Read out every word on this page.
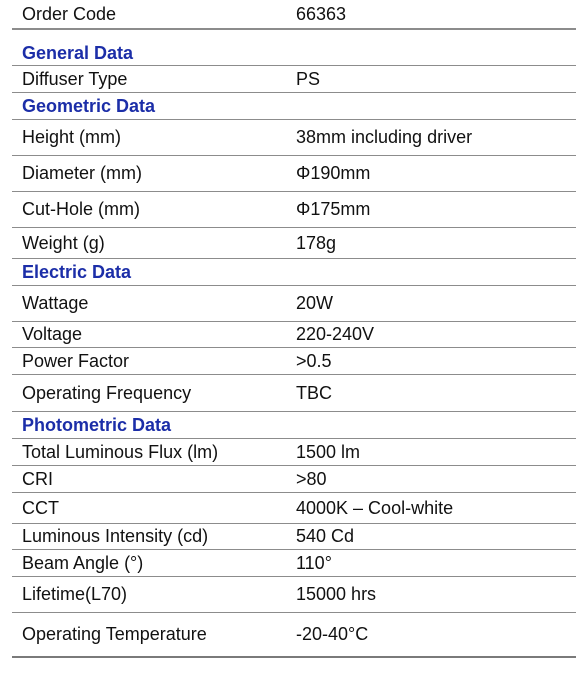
Order Code	66363
General Data
Diffuser Type	PS
Geometric Data
Height (mm)	38mm including driver
Diameter (mm)	Φ190mm
Cut-Hole (mm)	Φ175mm
Weight (g)	178g
Electric Data
Wattage	20W
Voltage	220-240V
Power Factor	>0.5
Operating Frequency	TBC
Photometric Data
Total Luminous Flux (lm)	1500 lm
CRI	>80
CCT	4000K – Cool-white
Luminous Intensity (cd)	540 Cd
Beam Angle (°)	110°
Lifetime(L70)	15000 hrs
Operating Temperature	-20-40°C
